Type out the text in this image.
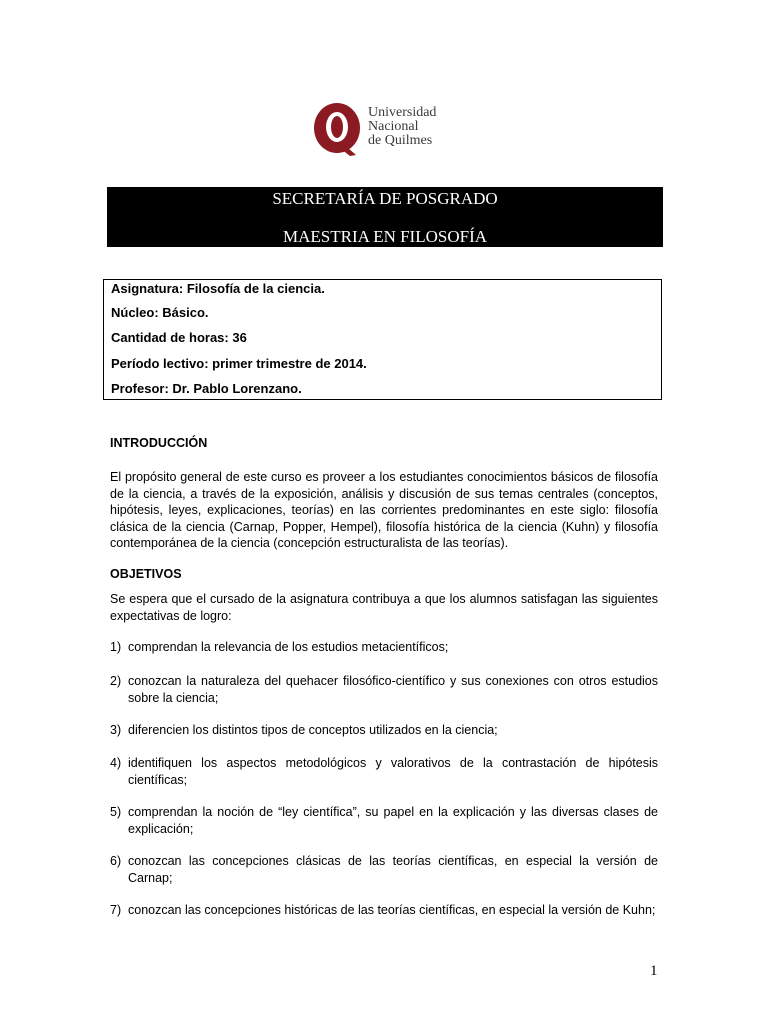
Universidad
Nacional
de Quilmes
SECRETARÍA DE POSGRADO
MAESTRIA EN FILOSOFÍA
Asignatura: Filosofía de la ciencia.
Núcleo: Básico.
Cantidad de horas: 36
Período lectivo: primer trimestre de 2014.
Profesor: Dr. Pablo Lorenzano.
INTRODUCCIÓN
El propósito general de este curso es proveer a los estudiantes conocimientos básicos de filosofía de la ciencia, a través de la exposición, análisis y discusión de sus temas centrales (conceptos, hipótesis, leyes, explicaciones, teorías) en las corrientes predominantes en este siglo: filosofía clásica de la ciencia (Carnap, Popper, Hempel), filosofía histórica de la ciencia (Kuhn) y filosofía contemporánea de la ciencia (concepción estructuralista de las teorías).
OBJETIVOS
Se espera que el cursado de la asignatura contribuya a que los alumnos satisfagan las siguientes expectativas de logro:
1) comprendan la relevancia de los estudios metacientíficos;
2) conozcan la naturaleza del quehacer filosófico-científico y sus conexiones con otros estudios sobre la ciencia;
3) diferencien los distintos tipos de conceptos utilizados en la ciencia;
4) identifiquen los aspectos metodológicos y valorativos de la contrastación de hipótesis científicas;
5) comprendan la noción de “ley científica”, su papel en la explicación y las diversas clases de explicación;
6) conozcan las concepciones clásicas de las teorías científicas, en especial la versión de Carnap;
7) conozcan las concepciones históricas de las teorías científicas, en especial la versión de Kuhn;
1
